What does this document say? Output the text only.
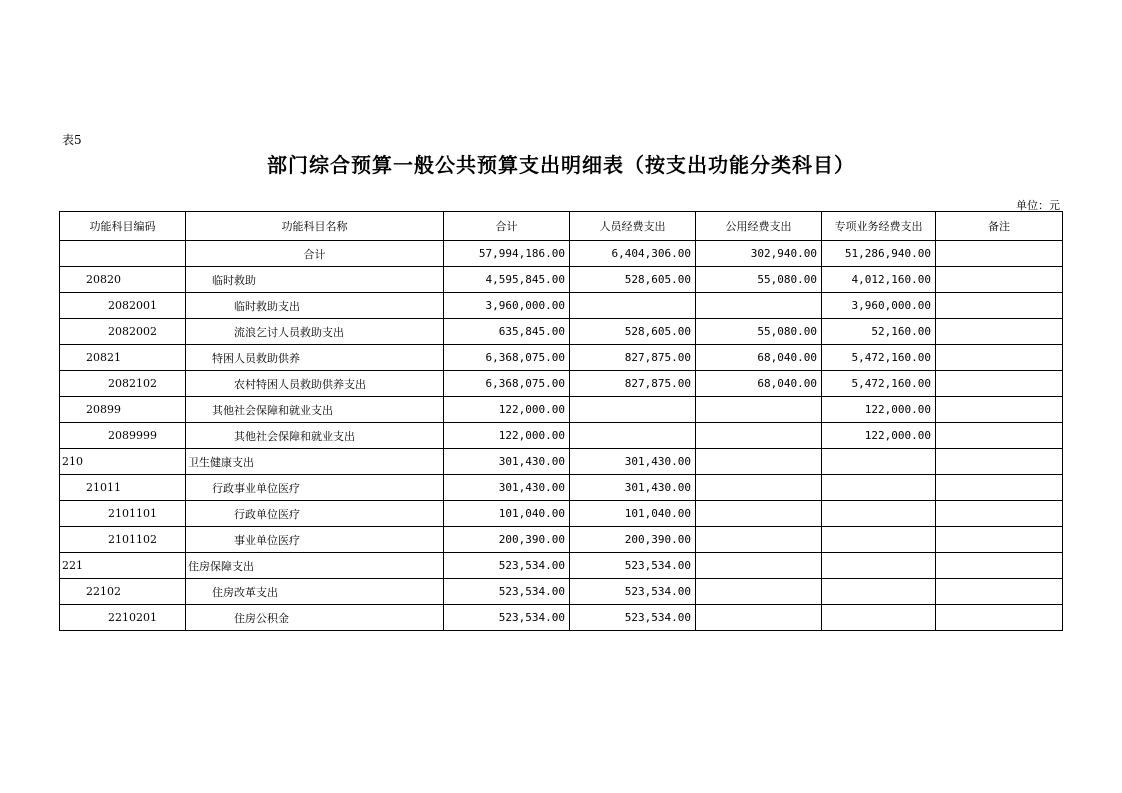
表5
部门综合预算一般公共预算支出明细表（按支出功能分类科目）
单位：元
功能科目编码	功能科目名称	合计	人员经费支出	公用经费支出	专项业务经费支出	备注
	合计	57,994,186.00	6,404,306.00	302,940.00	51,286,940.00	
20820	临时救助	4,595,845.00	528,605.00	55,080.00	4,012,160.00	
2082001	临时救助支出	3,960,000.00			3,960,000.00	
2082002	流浪乞讨人员救助支出	635,845.00	528,605.00	55,080.00	52,160.00	
20821	特困人员救助供养	6,368,075.00	827,875.00	68,040.00	5,472,160.00	
2082102	农村特困人员救助供养支出	6,368,075.00	827,875.00	68,040.00	5,472,160.00	
20899	其他社会保障和就业支出	122,000.00			122,000.00	
2089999	其他社会保障和就业支出	122,000.00			122,000.00	
210	卫生健康支出	301,430.00	301,430.00			
21011	行政事业单位医疗	301,430.00	301,430.00			
2101101	行政单位医疗	101,040.00	101,040.00			
2101102	事业单位医疗	200,390.00	200,390.00			
221	住房保障支出	523,534.00	523,534.00			
22102	住房改革支出	523,534.00	523,534.00			
2210201	住房公积金	523,534.00	523,534.00			
